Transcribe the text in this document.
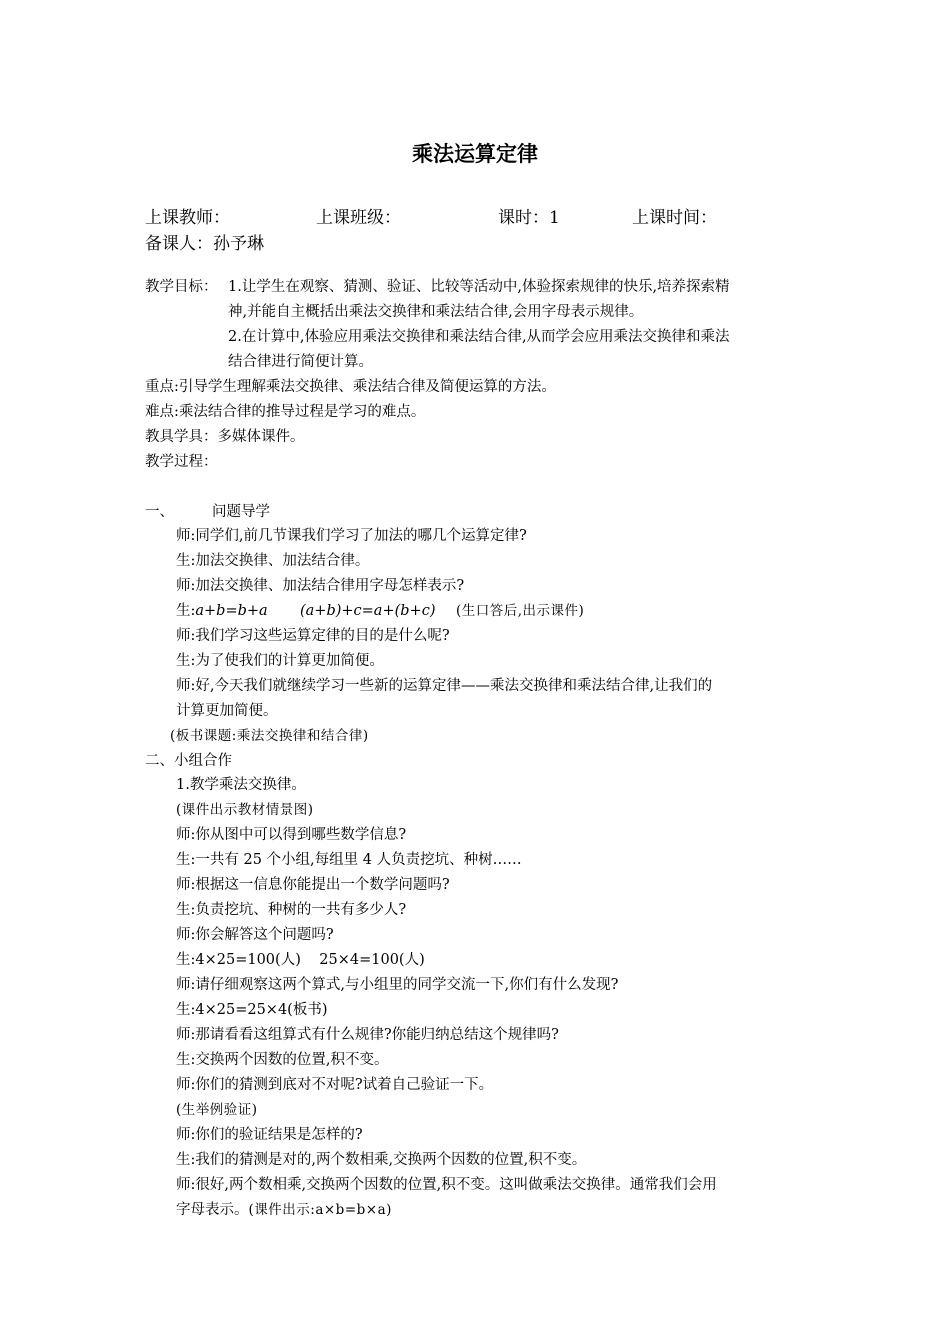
乘法运算定律
上课教师：	上课班级：	课时：1	上课时间：
备课人：孙予琳
教学目标： 1.让学生在观察、猜测、验证、比较等活动中,体验探索规律的快乐,培养探索精
神,并能自主概括出乘法交换律和乘法结合律,会用字母表示规律。
2.在计算中,体验应用乘法交换律和乘法结合律,从而学会应用乘法交换律和乘法
结合律进行简便计算。
重点:引导学生理解乘法交换律、乘法结合律及简便运算的方法。
难点:乘法结合律的推导过程是学习的难点。
教具学具：多媒体课件。
教学过程：
一、	问题导学
师:同学们,前几节课我们学习了加法的哪几个运算定律?
生:加法交换律、加法结合律。
师:加法交换律、加法结合律用字母怎样表示?
生:a+b=b+a (a+b)+c=a+(b+c) (生口答后,出示课件)
师:我们学习这些运算定律的目的是什么呢?
生:为了使我们的计算更加简便。
师:好,今天我们就继续学习一些新的运算定律——乘法交换律和乘法结合律,让我们的
计算更加简便。
(板书课题:乘法交换律和结合律)
二、小组合作
1.教学乘法交换律。
(课件出示教材情景图)
师:你从图中可以得到哪些数学信息?
生:一共有 25 个小组,每组里 4 人负责挖坑、种树……
师:根据这一信息你能提出一个数学问题吗?
生:负责挖坑、种树的一共有多少人?
师:你会解答这个问题吗?
生:4×25=100(人)    25×4=100(人)
师:请仔细观察这两个算式,与小组里的同学交流一下,你们有什么发现?
生:4×25=25×4(板书)
师:那请看看这组算式有什么规律?你能归纳总结这个规律吗?
生:交换两个因数的位置,积不变。
师:你们的猜测到底对不对呢?试着自己验证一下。
(生举例验证)
师:你们的验证结果是怎样的?
生:我们的猜测是对的,两个数相乘,交换两个因数的位置,积不变。
师:很好,两个数相乘,交换两个因数的位置,积不变。这叫做乘法交换律。通常我们会用
字母表示。(课件出示:a×b=b×a)
